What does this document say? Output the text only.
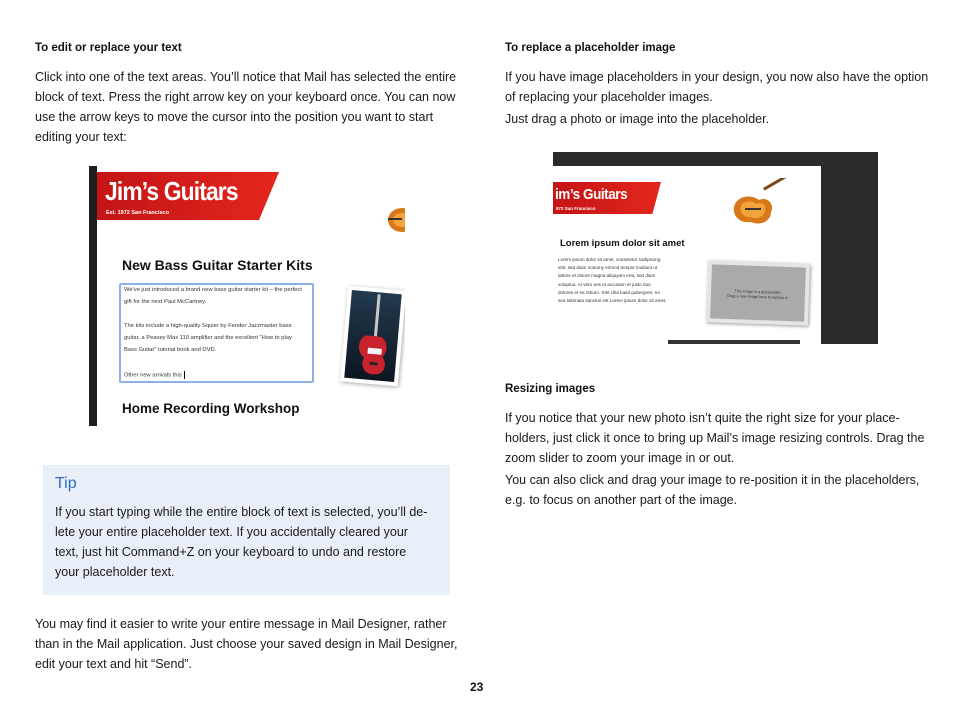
To edit or replace your text
Click into one of the text areas. You’ll notice that Mail has selected the entire
block of text. Press the right arrow key on your keyboard once. You can now
use the arrow keys to move the cursor into the position you want to start
editing your text:
Jim’s Guitars
Est. 1972 San Francisco
New Bass Guitar Starter Kits
We've just introduced a brand new bass guitar starter kit – the perfect
gift for the next Paul McCartney.
The kits include a high-quality Squier by Fender Jazzmaster bass
guitar, a Peavey Max 110 amplifier and the excellent "How to play
Bass Guitar" tutorial book and DVD.
Other new arrivals this
Home Recording Workshop
Tip
If you start typing while the entire block of text is selected, you’ll de-
lete your entire placeholder text. If you accidentally cleared your
text, just hit Command+Z on your keyboard to undo and restore
your placeholder text.
You may find it easier to write your entire message in Mail Designer, rather
than in the Mail application. Just choose your saved design in Mail Designer,
edit your text and hit “Send”.
To replace a placeholder image
If you have image placeholders in your design, you now also have the option
of replacing your placeholder images.
Just drag a photo or image into the placeholder.
im’s Guitars
972 San Francisco
Lorem ipsum dolor sit amet
Lorem ipsum dolor sit amet, consetetur sadipscing
elitr, sed diam nonumy eirmod tempor invidunt ut
labore et dolore magna aliquyam erat, sed diam
voluptua. At vero eos et accusam et justo duo
dolores et ea rebum. Stet clita kasd gubergren, no
sea takimata sanctus est Lorem ipsum dolor sit amet.
This image is a placeholder.
Drag a new image here to replace it.
Resizing images
If you notice that your new photo isn’t quite the right size for your place-
holders, just click it once to bring up Mail’s image resizing controls. Drag the
zoom slider to zoom your image in or out.
You can also click and drag your image to re-position it in the placeholders,
e.g. to focus on another part of the image.
23
